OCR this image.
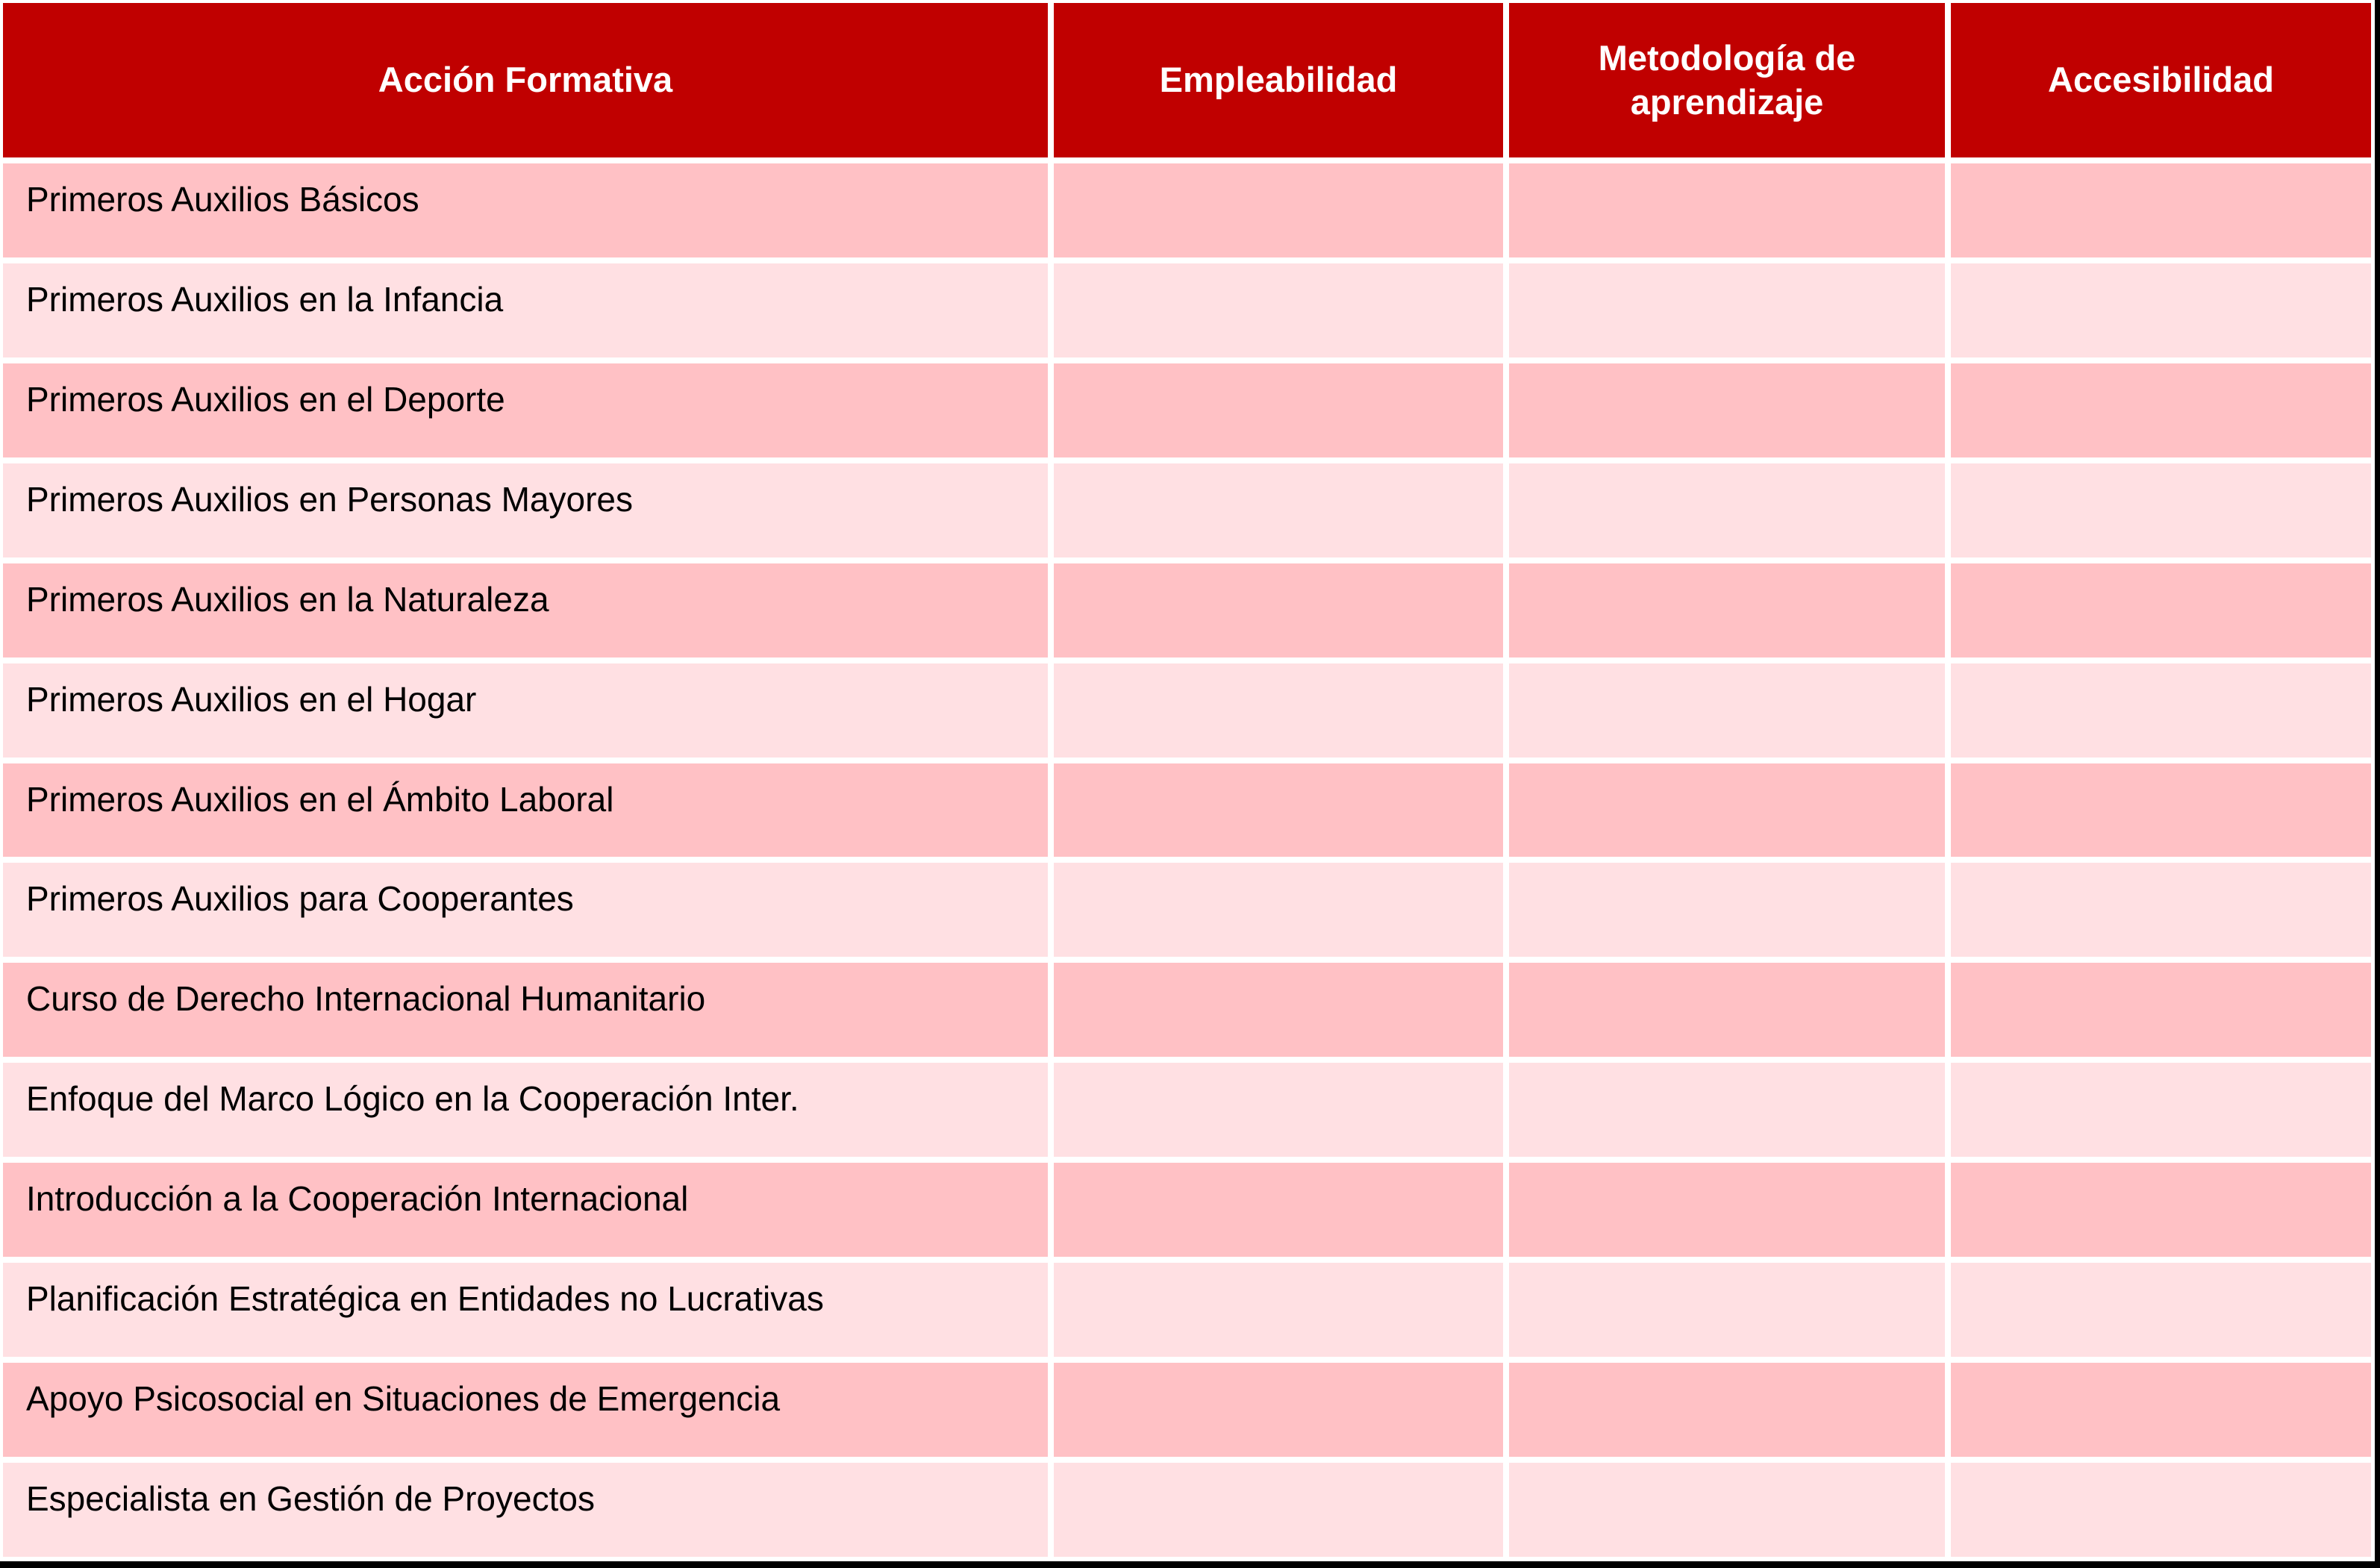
Acción Formativa	Empleabilidad
Metodología de aprendizaje
Accesibilidad
Primeros Auxilios Básicos
Primeros Auxilios en la Infancia
Primeros Auxilios en el Deporte
Primeros Auxilios en Personas Mayores
Primeros Auxilios en la Naturaleza
Primeros Auxilios en el Hogar
Primeros Auxilios en el Ámbito Laboral
Primeros Auxilios para Cooperantes
Curso de Derecho Internacional Humanitario
Enfoque del Marco Lógico en la Cooperación Inter.
Introducción a la Cooperación Internacional
Planificación Estratégica en Entidades no Lucrativas
Apoyo Psicosocial en Situaciones de Emergencia
Especialista en Gestión de Proyectos
